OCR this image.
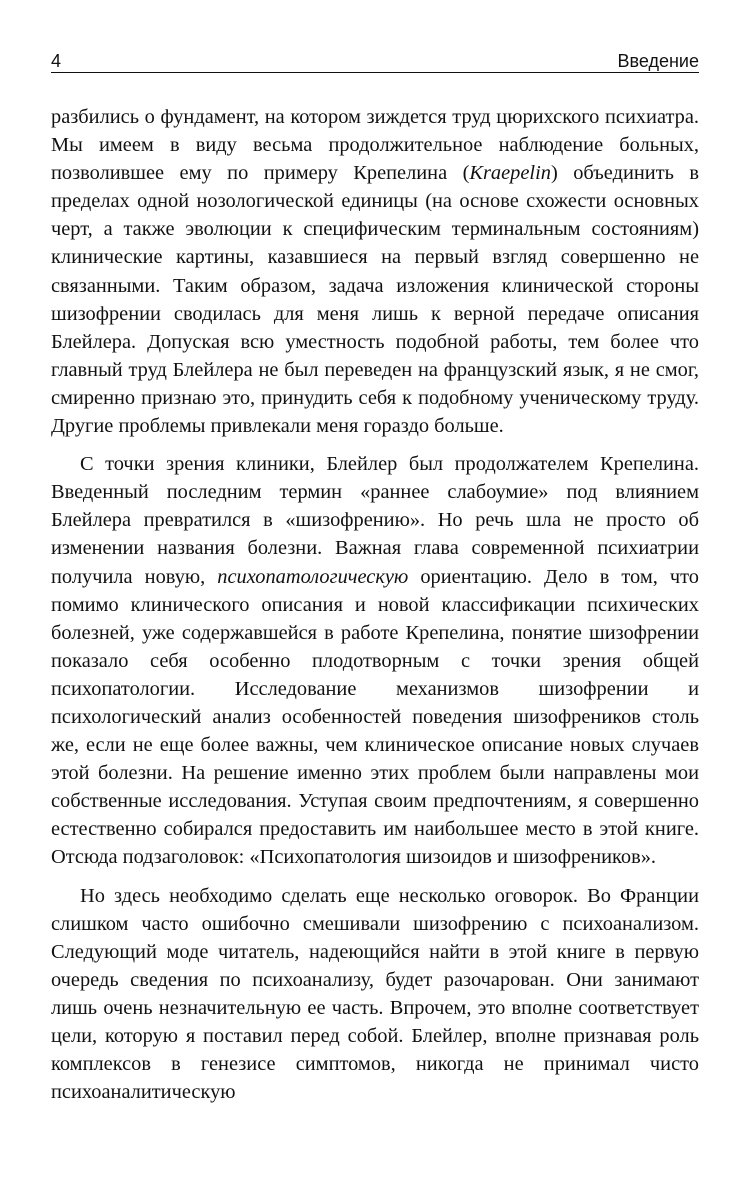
4	Введение

разбились о фундамент, на котором зиждется труд цюрихского психиатра. Мы имеем в виду весьма продолжительное наблюдение больных, позволившее ему по примеру Крепелина (Kraepelin) объединить в пределах одной нозологической единицы (на основе схожести основных черт, а также эволюции к специфическим терминальным состояниям) клинические картины, казавшиеся на первый взгляд совершенно не связанными. Таким образом, задача изложения клинической стороны шизофрении сводилась для меня лишь к верной передаче описания Блейлера. Допуская всю уместность подобной работы, тем более что главный труд Блейлера не был переведен на французский язык, я не смог, смиренно признаю это, принудить себя к подобному ученическому труду. Другие проблемы привлекали меня гораздо больше.

С точки зрения клиники, Блейлер был продолжателем Крепелина. Введенный последним термин «раннее слабоумие» под влиянием Блейлера превратился в «шизофрению». Но речь шла не просто об изменении названия болезни. Важная глава современной психиатрии получила новую, психопатологическую ориентацию. Дело в том, что помимо клинического описания и новой классификации психических болезней, уже содержавшейся в работе Крепелина, понятие шизофрении показало себя особенно плодотворным с точки зрения общей психопатологии. Исследование механизмов шизофрении и психологический анализ особенностей поведения шизофреников столь же, если не еще более важны, чем клиническое описание новых случаев этой болезни. На решение именно этих проблем были направлены мои собственные исследования. Уступая своим предпочтениям, я совершенно естественно собирался предоставить им наибольшее место в этой книге. Отсюда подзаголовок: «Психопатология шизоидов и шизофреников».

Но здесь необходимо сделать еще несколько оговорок. Во Франции слишком часто ошибочно смешивали шизофрению с психоанализом. Следующий моде читатель, надеющийся найти в этой книге в первую очередь сведения по психоанализу, будет разочарован. Они занимают лишь очень незначительную ее часть. Впрочем, это вполне соответствует цели, которую я поставил перед собой. Блейлер, вполне признавая роль комплексов в генезисе симптомов, никогда не принимал чисто психоаналитическую
